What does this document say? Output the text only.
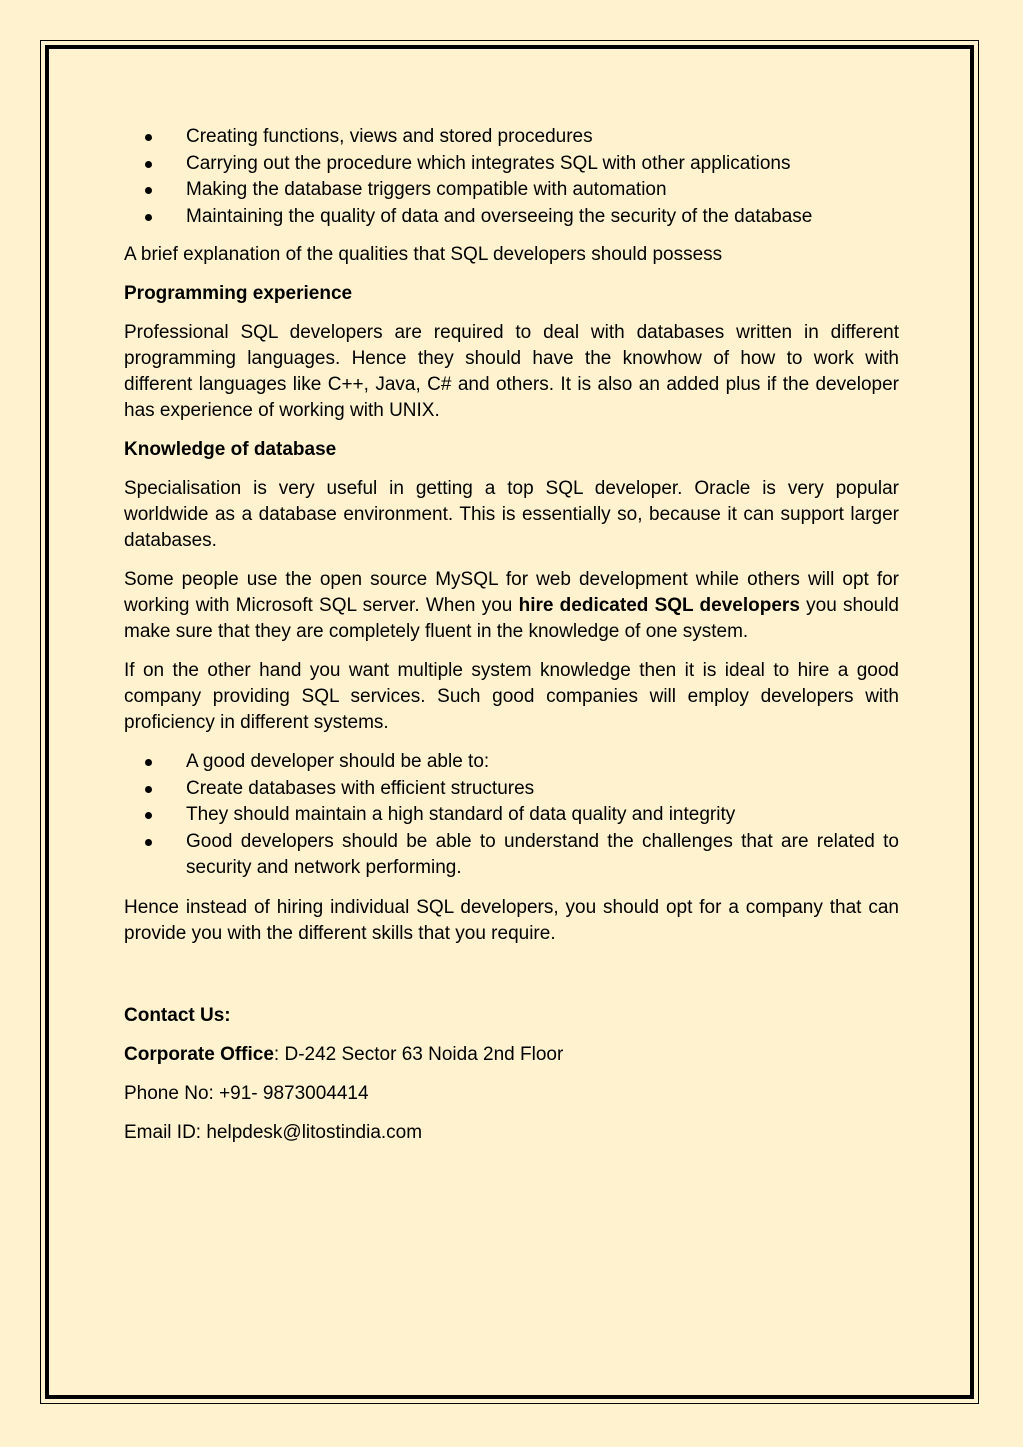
Creating functions, views and stored procedures
Carrying out the procedure which integrates SQL with other applications
Making the database triggers compatible with automation
Maintaining the quality of data and overseeing the security of the database

A brief explanation of the qualities that SQL developers should possess

Programming experience

Professional SQL developers are required to deal with databases written in different programming languages. Hence they should have the knowhow of how to work with different languages like C++, Java, C# and others. It is also an added plus if the developer has experience of working with UNIX.

Knowledge of database

Specialisation is very useful in getting a top SQL developer. Oracle is very popular worldwide as a database environment. This is essentially so, because it can support larger databases.

Some people use the open source MySQL for web development while others will opt for working with Microsoft SQL server. When you hire dedicated SQL developers you should make sure that they are completely fluent in the knowledge of one system.

If on the other hand you want multiple system knowledge then it is ideal to hire a good company providing SQL services. Such good companies will employ developers with proficiency in different systems.

A good developer should be able to:
Create databases with efficient structures
They should maintain a high standard of data quality and integrity
Good developers should be able to understand the challenges that are related to security and network performing.

Hence instead of hiring individual SQL developers, you should opt for a company that can provide you with the different skills that you require.

Contact Us:

Corporate Office: D-242 Sector 63 Noida 2nd Floor

Phone No: +91- 9873004414

Email ID: helpdesk@litostindia.com
